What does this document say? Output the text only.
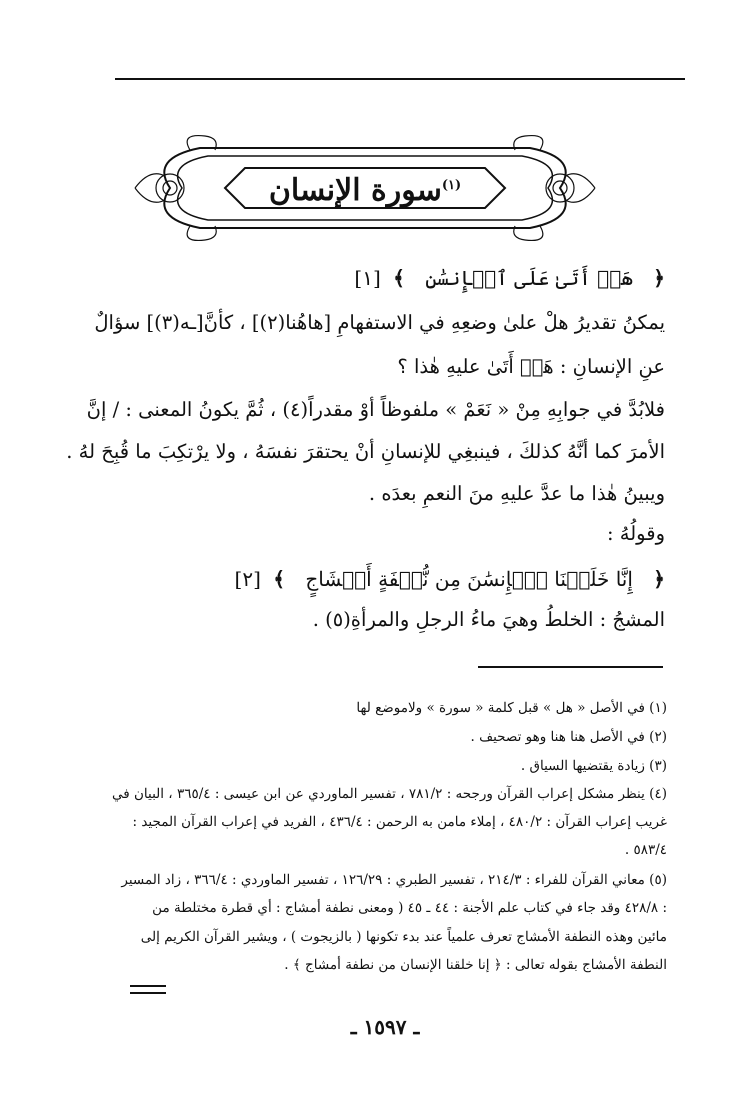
$^{(١)}$سورة الإنسان
﴿ هَلۡ أَتَىٰ عَلَى ٱلۡإِنسَٰنِ ﴾ [١]
يمكنُ تقديرُ هلْ علىٰ وضعِهِ في الاستفهامِ [هاهُنا(٢)] ، كأنَّ[ـه(٣)] سؤالٌ
عنِ الإنسانِ : هَلۡ أَتَىٰ عليهِ هٰذا ؟
فلابُدَّ في جوابِهِ مِنْ « نَعَمْ » ملفوظاً أوْ مقدراً(٤) ، ثُمَّ يكونُ المعنى : / إنَّ
الأمرَ كما أنَّهُ كذلكَ ، فينبغِي للإنسانِ أنْ يحتقرَ نفسَهُ ، ولا يرْتكِبَ ما قُبِحَ لهُ .
ويبينُ هٰذا ما عدَّ عليهِ منَ النعمِ بعدَه .
وقولُهُ :
﴿ إِنَّا خَلَقۡنَا ٱلۡإِنسَٰنَ مِن نُّطۡفَةٍ أَمۡشَاجٍ ﴾ [٢]
المشجُ : الخلطُ وهيَ ماءُ الرجلِ والمرأةِ(٥) .
(١) في الأصل « هل » قبل كلمة « سورة » ولاموضع لها
(٢) في الأصل هنا هنا وهو تصحيف .
(٣) زيادة يقتضيها السياق .
(٤) ينظر مشكل إعراب القرآن ورجحه : ٧٨١/٢ ، تفسير الماوردي عن ابن عيسى : ٣٦٥/٤ ، البيان في
غريب إعراب القرآن : ٤٨٠/٢ ، إملاء مامن به الرحمن : ٤٣٦/٤ ، الفريد في إعراب القرآن المجيد :
٥٨٣/٤ .
(٥) معاني القرآن للفراء : ٢١٤/٣ ، تفسير الطبري : ١٢٦/٢٩ ، تفسير الماوردي : ٣٦٦/٤ ، زاد المسير
: ٤٢٨/٨ وقد جاء في كتاب علم الأجنة : ٤٤ ـ ٤٥ ( ومعنى نطفة أمشاج : أي قطرة مختلطة من
مائين وهذه النطفة الأمشاج تعرف علمياً عند بدء تكونها ( بالزيجوت ) ، ويشير القرآن الكريم إلى
النطفة الأمشاج بقوله تعالى : ﴿ إنا خلقنا الإنسان من نطفة أمشاج ﴾ .
ـ ١٥٩٧ ـ
